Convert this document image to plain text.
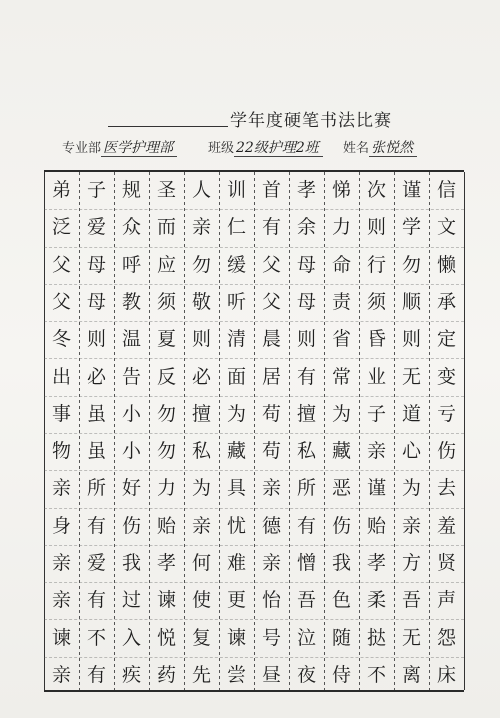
学年度硬笔书法比赛
专业部 医学护理部	班级 22级护理2班	姓名 张悦然
弟 子 规 圣 人 训 首 孝 悌 次 谨 信
泛 爱 众 而 亲 仁 有 余 力 则 学 文
父 母 呼 应 勿 缓 父 母 命 行 勿 懒
父 母 教 须 敬 听 父 母 责 须 顺 承
冬 则 温 夏 则 清 晨 则 省 昏 则 定
出 必 告 反 必 面 居 有 常 业 无 变
事 虽 小 勿 擅 为 苟 擅 为 子 道 亏
物 虽 小 勿 私 藏 苟 私 藏 亲 心 伤
亲 所 好 力 为 具 亲 所 恶 谨 为 去
身 有 伤 贻 亲 忧 德 有 伤 贻 亲 羞
亲 爱 我 孝 何 难 亲 憎 我 孝 方 贤
亲 有 过 谏 使 更 怡 吾 色 柔 吾 声
谏 不 入 悦 复 谏 号 泣 随 挞 无 怨
亲 有 疾 药 先 尝 昼 夜 侍 不 离 床
